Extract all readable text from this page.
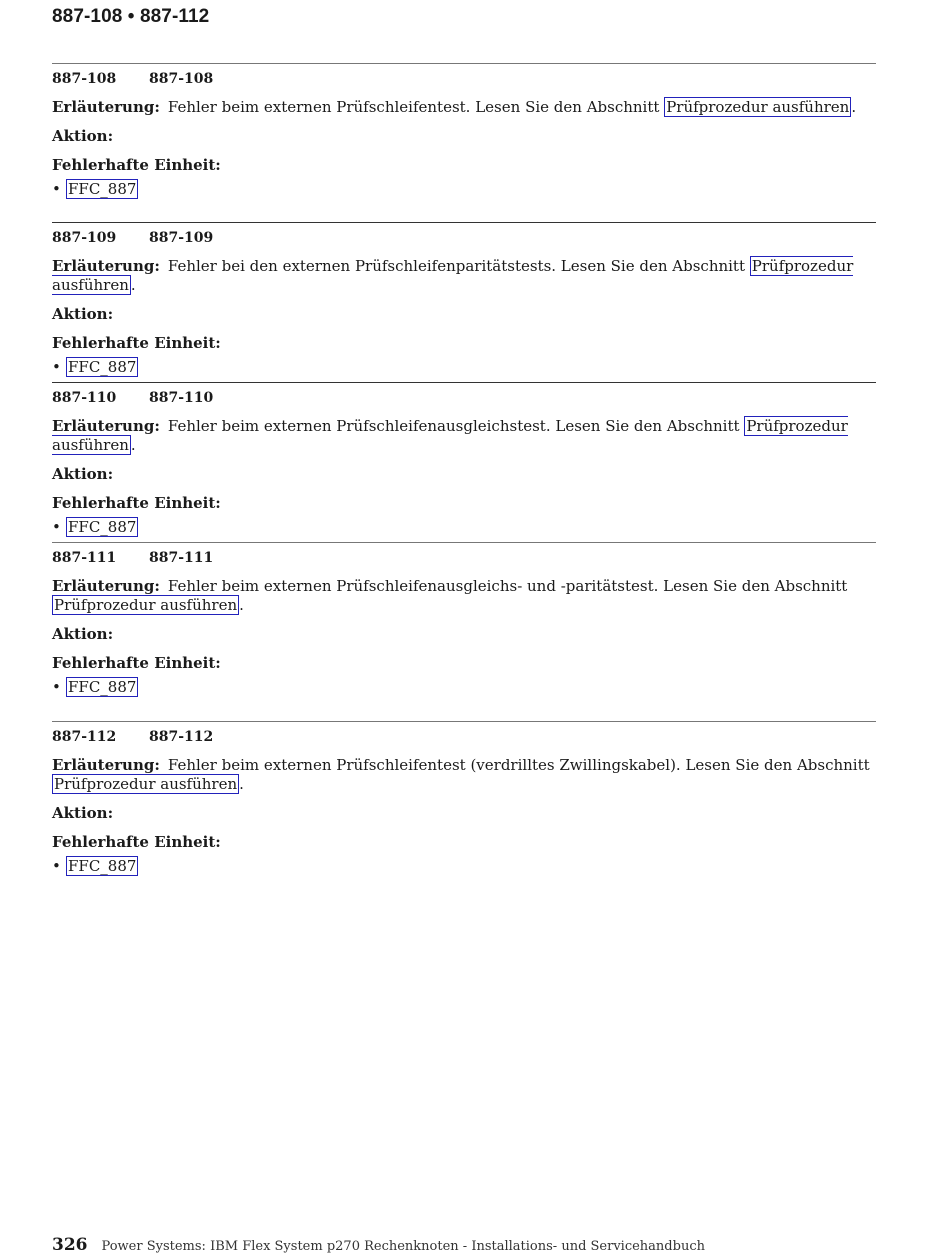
887-108 • 887-112
887-108 887-108
Erläuterung: Fehler beim externen Prüfschleifentest. Lesen Sie den Abschnitt Prüfprozedur ausführen .
Aktion:
Fehlerhafte Einheit:
• FFC_887
887-109 887-109
Erläuterung: Fehler bei den externen Prüfschleifenparitätstests. Lesen Sie den Abschnitt Prüfprozedur ausführen .
Aktion:
Fehlerhafte Einheit:
• FFC_887
887-110 887-110
Erläuterung: Fehler beim externen Prüfschleifenausgleichstest. Lesen Sie den Abschnitt Prüfprozedur ausführen .
Aktion:
Fehlerhafte Einheit:
• FFC_887
887-111 887-111
Erläuterung: Fehler beim externen Prüfschleifenausgleichs- und -paritätstest. Lesen Sie den Abschnitt Prüfprozedur ausführen .
Aktion:
Fehlerhafte Einheit:
• FFC_887
887-112 887-112
Erläuterung: Fehler beim externen Prüfschleifentest (verdrilltes Zwillingskabel). Lesen Sie den Abschnitt Prüfprozedur ausführen .
Aktion:
Fehlerhafte Einheit:
• FFC_887
326 Power Systems: IBM Flex System p270 Rechenknoten - Installations- und Servicehandbuch
